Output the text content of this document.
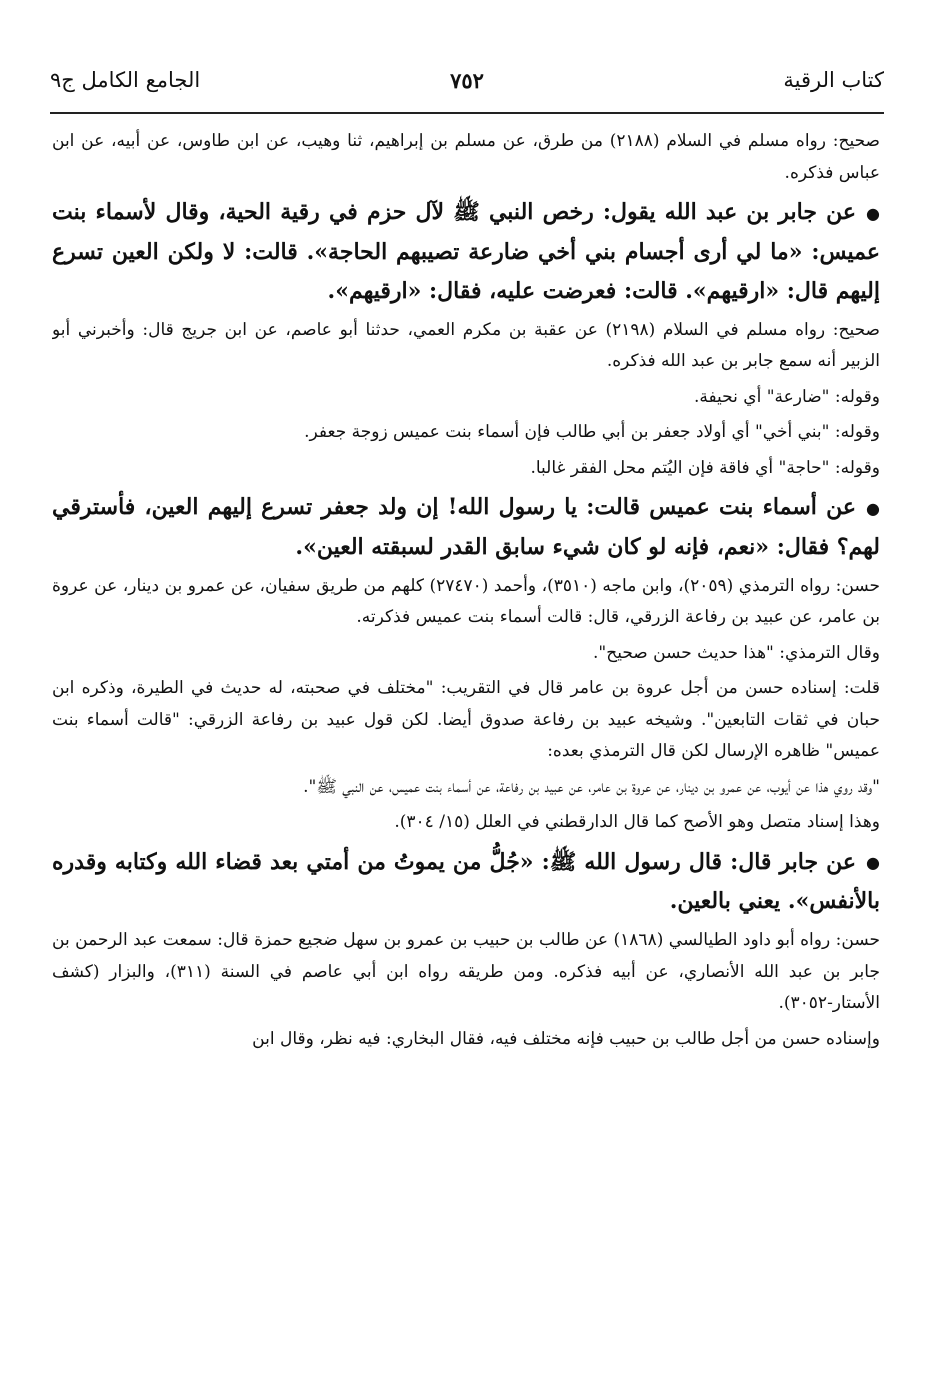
كتاب الرقية
٧٥٢
الجامع الكامل ج٩

صحيح: رواه مسلم في السلام (٢١٨٨) من طرق، عن مسلم بن إبراهيم، ثنا وهيب، عن ابن طاوس، عن أبيه، عن ابن عباس فذكره.

●عن جابر بن عبد الله يقول: رخص النبي ﷺ لآل حزم في رقية الحية، وقال لأسماء بنت عميس: «ما لي أرى أجسام بني أخي ضارعة تصيبهم الحاجة». قالت: لا ولكن العين تسرع إليهم قال: «ارقيهم». قالت: فعرضت عليه، فقال: «ارقيهم».

صحيح: رواه مسلم في السلام (٢١٩٨) عن عقبة بن مكرم العمي، حدثنا أبو عاصم، عن ابن جريج قال: وأخبرني أبو الزبير أنه سمع جابر بن عبد الله فذكره.

وقوله: "ضارعة" أي نحيفة.

وقوله: "بني أخي" أي أولاد جعفر بن أبي طالب فإن أسماء بنت عميس زوجة جعفر.

وقوله: "حاجة" أي فاقة فإن اليُتم محل الفقر غالبا.

●عن أسماء بنت عميس قالت: يا رسول الله! إن ولد جعفر تسرع إليهم العين، فأسترقي لهم؟ فقال: «نعم، فإنه لو كان شيء سابق القدر لسبقته العين».

حسن: رواه الترمذي (٢٠٥٩)، وابن ماجه (٣٥١٠)، وأحمد (٢٧٤٧٠) كلهم من طريق سفيان، عن عمرو بن دينار، عن عروة بن عامر، عن عبيد بن رفاعة الزرقي، قال: قالت أسماء بنت عميس فذكرته.

وقال الترمذي: "هذا حديث حسن صحيح".

قلت: إسناده حسن من أجل عروة بن عامر قال في التقريب: "مختلف في صحبته، له حديث في الطيرة، وذكره ابن حبان في ثقات التابعين". وشيخه عبيد بن رفاعة صدوق أيضا. لكن قول عبيد بن رفاعة الزرقي: "قالت أسماء بنت عميس" ظاهره الإرسال لكن قال الترمذي بعده:

"وقد روي هذا عن أيوب، عن عمرو بن دينار، عن عروة بن عامر، عن عبيد بن رفاعة، عن أسماء بنت عميس، عن النبي ﷺ".

وهذا إسناد متصل وهو الأصح كما قال الدارقطني في العلل (١٥/ ٣٠٤).

●عن جابر قال: قال رسول الله ﷺ: «جُلُّ من يموتُ من أمتي بعد قضاء الله وكتابه وقدره بالأنفس». يعني بالعين.

حسن: رواه أبو داود الطيالسي (١٨٦٨) عن طالب بن حبيب بن عمرو بن سهل ضجيع حمزة قال: سمعت عبد الرحمن بن جابر بن عبد الله الأنصاري، عن أبيه فذكره. ومن طريقه رواه ابن أبي عاصم في السنة (٣١١)، والبزار (كشف الأستار-٣٠٥٢).

وإسناده حسن من أجل طالب بن حبيب فإنه مختلف فيه، فقال البخاري: فيه نظر، وقال ابن
